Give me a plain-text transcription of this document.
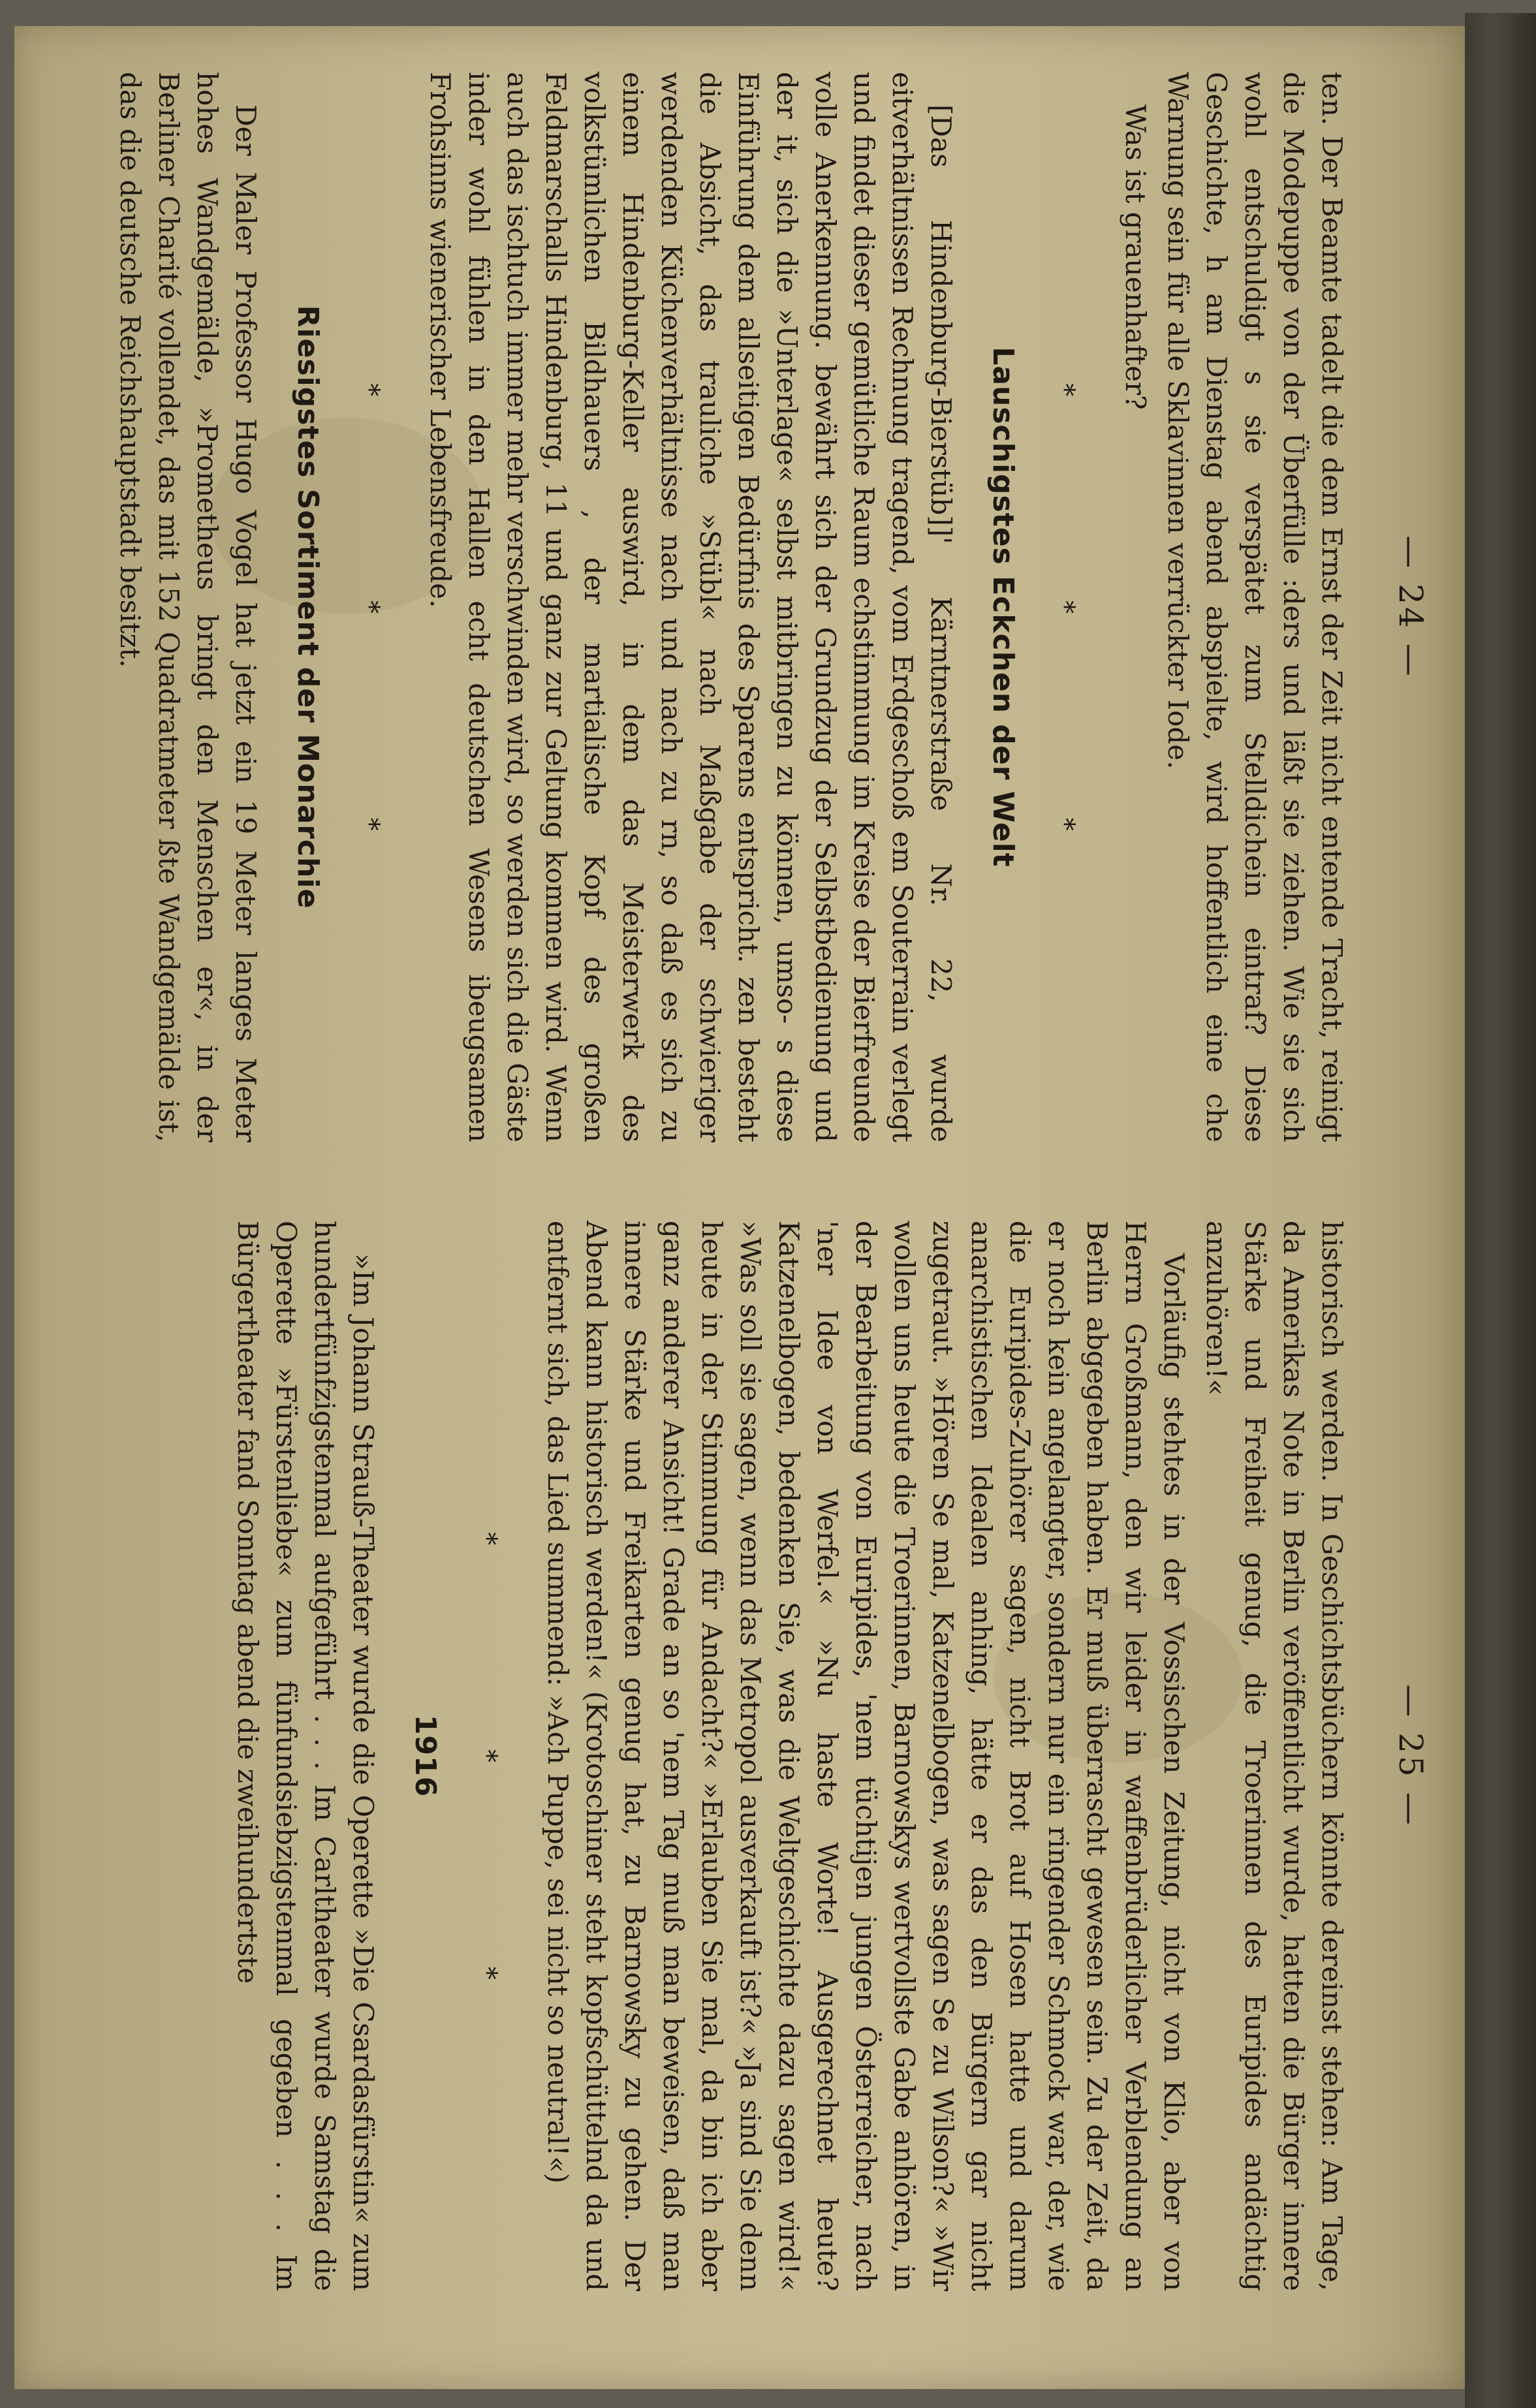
— 24 —

ten. Der Beamte tadelt die dem Ernst der Zeit nicht entende Tracht, reinigt die Modepuppe von der Überfülle :ders und läßt sie ziehen. Wie sie sich wohl entschuldigt s sie verspätet zum Stelldichein eintraf? Diese Geschichte, h am Dienstag abend abspielte, wird hoffentlich eine che Warnung sein für alle Sklavinnen verrückter Iode.

Was ist grauenhafter?

* * *
Lauschigstes Eckchen der Welt

[Das Hindenburg-Bierstüb]]' Kärntnerstraße Nr. 22, wurde eitverhältnissen Rechnung tragend, vom Erdgeschoß em Souterrain verlegt und findet dieser gemütliche Raum echstimmung im Kreise der Bierfreunde volle Anerkennung. bewährt sich der Grundzug der Selbstbedienung und der it, sich die »Unterlage« selbst mitbringen zu können, umso- s diese Einführung dem allseitigen Bedürfnis des Sparens entspricht. zen besteht die Absicht, das trauliche »Stübl« nach Maßgabe der schwieriger werdenden Küchenverhältnisse nach und nach zu rn, so daß es sich zu einem Hindenburg-Keller auswird, in dem das Meisterwerk des volkstümlichen Bildhauers , der martialische Kopf des großen Feldmarschalls Hindenburg, 11 und ganz zur Geltung kommen wird. Wenn auch das ischtuch immer mehr verschwinden wird, so werden sich die Gäste inder wohl fühlen in den Hallen echt deutschen Wesens ibeugsamen Frohsinns wienerischer Lebensfreude.

* * *
Riesigstes Sortiment der Monarchie

Der Maler Professor Hugo Vogel hat jetzt ein 19 Meter langes Meter hohes Wandgemälde, »Prometheus bringt den Menschen er«, in der Berliner Charité vollendet, das mit 152 Quadratmeter ßte Wandgemälde ist, das die deutsche Reichshauptstadt besitzt.

— 25 —

historisch werden. In Geschichtsbüchern könnte dereinst stehen: Am Tage, da Amerikas Note in Berlin veröffentlicht wurde, hatten die Bürger innere Stärke und Freiheit genug, die Troerinnen des Euripides andächtig anzuhören!«

Vorläufig stehtes in der Vossischen Zeitung, nicht von Klio, aber von Herrn Großmann, den wir leider in waffenbrüderlicher Verblendung an Berlin abgegeben haben. Er muß überrascht gewesen sein. Zu der Zeit, da er noch kein angelangter, sondern nur ein ringender Schmock war, der, wie die Euripides-Zuhörer sagen, nicht Brot auf Hosen hatte und darum anarchistischen Idealen anhing, hätte er das den Bürgern gar nicht zugetraut. »Hören Se mal, Katzenelbogen, was sagen Se zu Wilson?« »Wir wollen uns heute die Troerinnen, Barnowskys wertvollste Gabe anhören, in der Bearbeitung von Euripides, 'nem tüchtijen jungen Österreicher, nach 'ner Idee von Werfel.« »Nu haste Worte! Ausgerechnet heute? Katzenelbogen, bedenken Sie, was die Weltgeschichte dazu sagen wird!« »Was soll sie sagen, wenn das Metropol ausverkauft ist?« »Ja sind Sie denn heute in der Stimmung für Andacht?« »Erlauben Sie mal, da bin ich aber ganz anderer Ansicht! Grade an so 'nem Tag muß man beweisen, daß man innere Stärke und Freikarten genug hat, zu Barnowsky zu gehen. Der Abend kann historisch werden!« (Krotoschiner steht kopfschüttelnd da und entfernt sich, das Lied summend: »Ach Puppe, sei nicht so neutral!«)

* * *
1916

»Im Johann Strauß-Theater wurde die Operette »Die Csardasfürstin« zum hundertfünfzigstenmal aufgeführt . . . Im Carltheater wurde Samstag die Operette »Fürstenliebe« zum fünfundsiebzigstenmal gegeben . . . Im Bürgertheater fand Sonntag abend die zweihundertste
